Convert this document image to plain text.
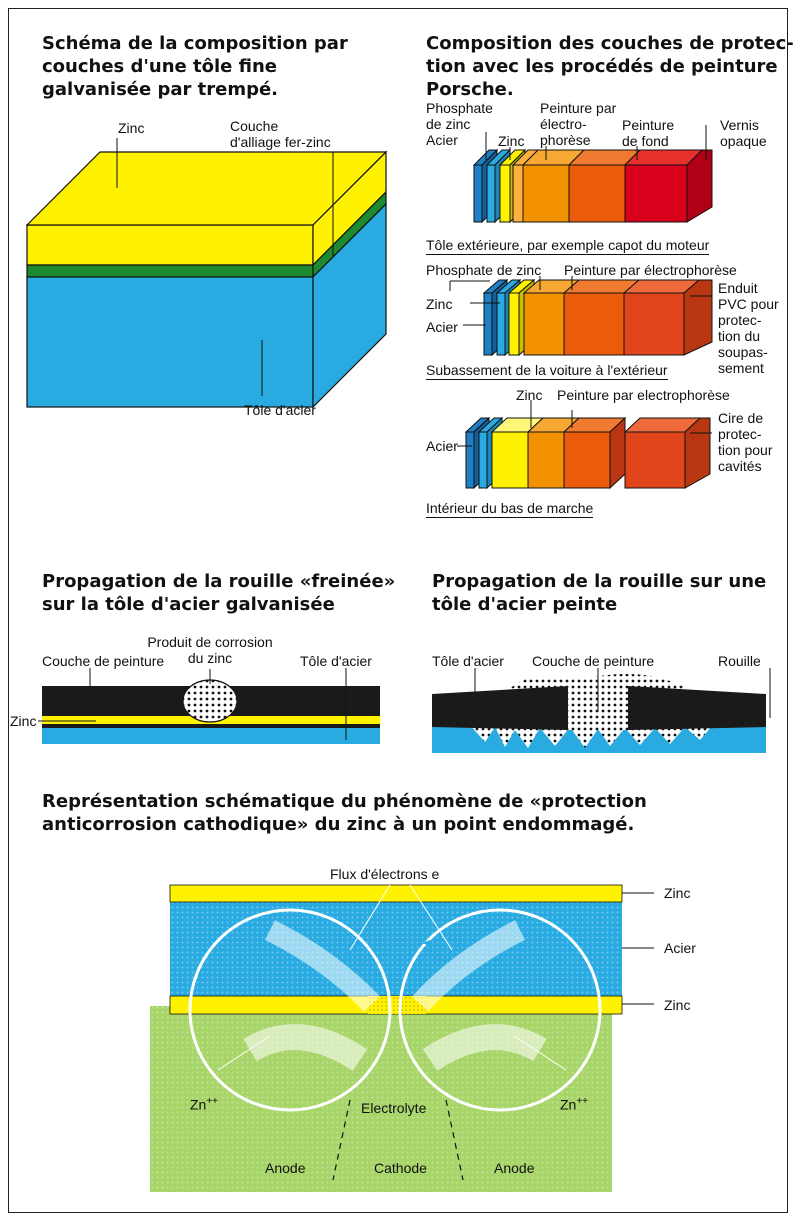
Schéma de la composition par
couches d'une tôle fine
galvanisée par trempé.
Zinc	Couche
d'alliage fer-zinc
Tôle d'acier
Composition des couches de protec-
tion avec les procédés de peinture
Porsche.
Phosphate
de zinc
Acier	Zinc
Peinture par
électro-
phorèse
Peinture
de fond
Vernis
opaque
Tôle extérieure, par exemple capot du moteur
Phosphate de zinc Peinture par électrophorèse
Zinc
Acier
Enduit
PVC pour
protec-
tion du
soupas-
sement
Subassement de la voiture à l'extérieur
Zinc Peinture par electrophorèse
Acier
Cire de
protec-
tion pour
cavités
Intérieur du bas de marche
Propagation de la rouille «freinée»
sur la tôle d'acier galvanisée
Produit de corrosion
du zinc
Couche de peinture	Tôle d'acier
Zinc
Propagation de la rouille sur une
tôle d'acier peinte
Tôle d'acier Couche de peinture	Rouille
Représentation schématique du phénomène de «protection
anticorrosion cathodique» du zinc à un point endommagé.
Flux d'électrons e
Zinc
Acier
Zinc

Zn++	Zn++

Electrolyte
Anode	Cathode	Anode
